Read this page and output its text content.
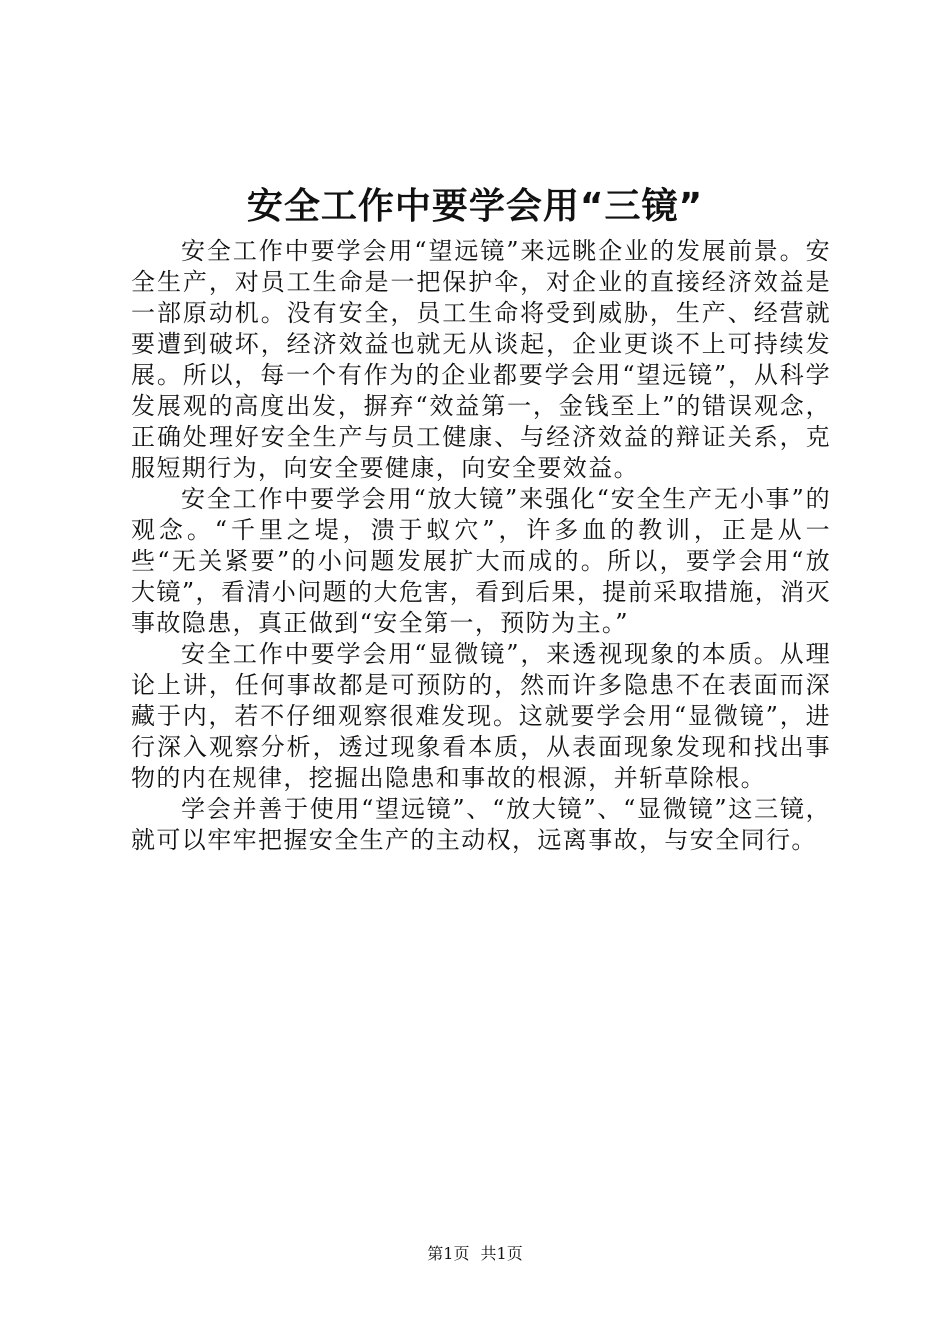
安全工作中要学会用“三镜”

安全工作中要学会用“望远镜”来远眺企业的发展前景。安全生产，对员工生命是一把保护伞，对企业的直接经济效益是一部原动机。没有安全，员工生命将受到威胁，生产、经营就要遭到破坏，经济效益也就无从谈起，企业更谈不上可持续发展。所以，每一个有作为的企业都要学会用“望远镜”，从科学发展观的高度出发，摒弃“效益第一，金钱至上”的错误观念，正确处理好安全生产与员工健康、与经济效益的辩证关系，克服短期行为，向安全要健康，向安全要效益。

安全工作中要学会用“放大镜”来强化“安全生产无小事”的观念。“千里之堤，溃于蚁穴”，许多血的教训，正是从一些“无关紧要”的小问题发展扩大而成的。所以，要学会用“放大镜”，看清小问题的大危害，看到后果，提前采取措施，消灭事故隐患，真正做到“安全第一，预防为主。”

安全工作中要学会用“显微镜”，来透视现象的本质。从理论上讲，任何事故都是可预防的，然而许多隐患不在表面而深藏于内，若不仔细观察很难发现。这就要学会用“显微镜”，进行深入观察分析，透过现象看本质，从表面现象发现和找出事物的内在规律，挖掘出隐患和事故的根源，并斩草除根。

学会并善于使用“望远镜”、“放大镜”、“显微镜”这三镜，就可以牢牢把握安全生产的主动权，远离事故，与安全同行。

第1页 共1页
